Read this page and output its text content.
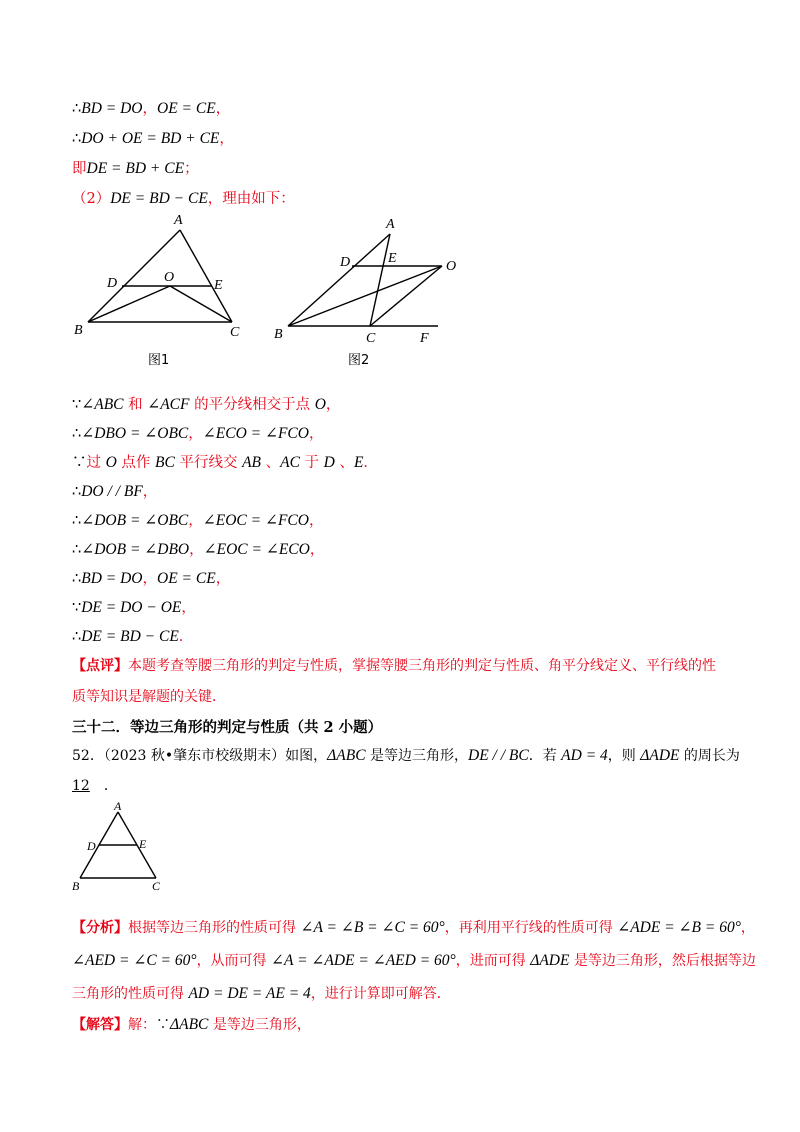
∴BD = DO，OE = CE，
∴DO + OE = BD + CE，
即DE = BD + CE；
（2）DE = BD − CE，理由如下：
A
D	O
E
B	C
图1
A
D	E
O
B	C	F
图2
∵∠ABC 和 ∠ACF 的平分线相交于点 O，
∴∠DBO = ∠OBC，∠ECO = ∠FCO，
∵过 O 点作 BC 平行线交 AB 、AC 于 D 、E．
∴DO / / BF，
∴∠DOB = ∠OBC，∠EOC = ∠FCO，
∴∠DOB = ∠DBO，∠EOC = ∠ECO，
∴BD = DO，OE = CE，
∵DE = DO − OE，
∴DE = BD − CE．
【点评】本题考查等腰三角形的判定与性质，掌握等腰三角形的判定与性质、角平分线定义、平行线的性
质等知识是解题的关键．
三十二．等边三角形的判定与性质（共 2 小题）
52．（2023 秋•肇东市校级期末）如图，ΔABC 是等边三角形，DE / / BC．若 AD = 4，则 ΔADE 的周长为
12 ．
A
D	E
B	C
【分析】根据等边三角形的性质可得 ∠A = ∠B = ∠C = 60°，再利用平行线的性质可得 ∠ADE = ∠B = 60°，
∠AED = ∠C = 60°，从而可得 ∠A = ∠ADE = ∠AED = 60°，进而可得 ΔADE 是等边三角形，然后根据等边
三角形的性质可得 AD = DE = AE = 4，进行计算即可解答．
【解答】解：∵ΔABC 是等边三角形，
